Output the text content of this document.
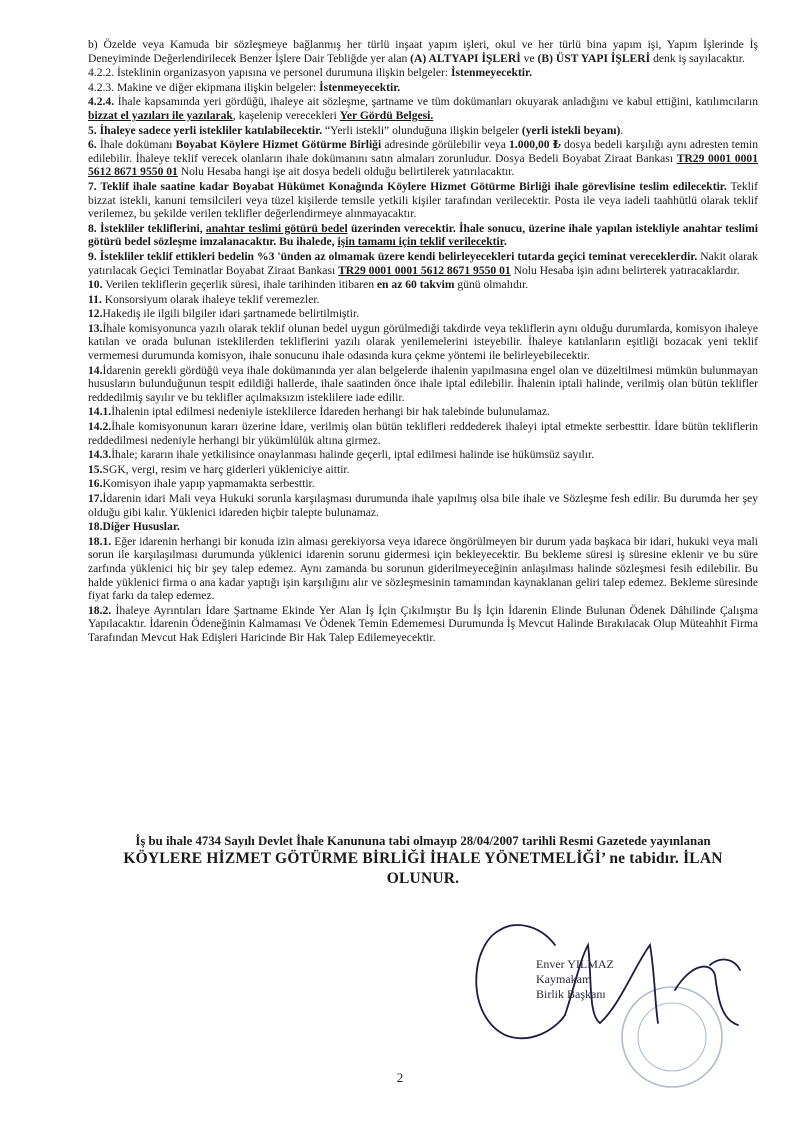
b) Özelde veya Kamuda bir sözleşmeye bağlanmış her türlü inşaat yapım işleri, okul ve her türlü bina yapım işi, Yapım İşlerinde İş Deneyiminde Değerlendirilecek Benzer İşlere Dair Tebliğde yer alan (A) ALTYAPI İŞLERİ ve (B) ÜST YAPI İŞLERİ denk iş sayılacaktır.

4.2.2. İsteklinin organizasyon yapısına ve personel durumuna ilişkin belgeler: İstenmeyecektir.

4.2.3. Makine ve diğer ekipmana ilişkin belgeler: İstenmeyecektir.

4.2.4. İhale kapsamında yeri gördüğü, ihaleye ait sözleşme, şartname ve tüm dokümanları okuyarak anladığını ve kabul ettiğini, katılımcıların bizzat el yazıları ile yazılarak, kaşelenip verecekleri Yer Gördü Belgesi.

5. İhaleye sadece yerli istekliler katılabilecektir. “Yerli istekli” olunduğuna ilişkin belgeler (yerli istekli beyanı).

6. İhale dokümanı Boyabat Köylere Hizmet Götürme Birliği adresinde görülebilir veya 1.000,00 ₺ dosya bedeli karşılığı aynı adresten temin edilebilir. İhaleye teklif verecek olanların ihale dokümanını satın almaları zorunludur. Dosya Bedeli Boyabat Ziraat Bankası TR29 0001 0001 5612 8671 9550 01 Nolu Hesaba hangi işe ait dosya bedeli olduğu belirtilerek yatırılacaktır.

7. Teklif ihale saatine kadar Boyabat Hükümet Konağında Köylere Hizmet Götürme Birliği ihale görevlisine teslim edilecektir. Teklif bizzat istekli, kanuni temsilcileri veya tüzel kişilerde temsile yetkili kişiler tarafından verilecektir. Posta ile veya iadeli taahhütlü olarak teklif verilemez, bu şekilde verilen teklifler değerlendirmeye alınmayacaktır.

8. İstekliler tekliflerini, anahtar teslimi götürü bedel üzerinden verecektir. İhale sonucu, üzerine ihale yapılan istekliyle anahtar teslimi götürü bedel sözleşme imzalanacaktır. Bu ihalede, işin tamamı için teklif verilecektir.

9. İstekliler teklif ettikleri bedelin %3 'ünden az olmamak üzere kendi belirleyecekleri tutarda geçici teminat vereceklerdir. Nakit olarak yatırılacak Geçici Teminatlar Boyabat Ziraat Bankası TR29 0001 0001 5612 8671 9550 01 Nolu Hesaba işin adını belirterek yatıracaklardır.

10. Verilen tekliflerin geçerlik süresi, ihale tarihinden itibaren en az 60 takvim günü olmalıdır.

11. Konsorsiyum olarak ihaleye teklif veremezler.

12.Hakediş ile ilgili bilgiler idari şartnamede belirtilmiştir.

13.İhale komisyonunca yazılı olarak teklif olunan bedel uygun görülmediği takdirde veya tekliflerin aynı olduğu durumlarda, komisyon ihaleye katılan ve orada bulunan isteklilerden tekliflerini yazılı olarak yenilemelerini isteyebilir. İhaleye katılanların eşitliği bozacak yeni teklif vermemesi durumunda komisyon, ihale sonucunu ihale odasında kura çekme yöntemi ile belirleyebilecektir.

14.İdarenin gerekli gördüğü veya ihale dokümanında yer alan belgelerde ihalenin yapılmasına engel olan ve düzeltilmesi mümkün bulunmayan hususların bulunduğunun tespit edildiği hallerde, ihale saatinden önce ihale iptal edilebilir. İhalenin iptali halinde, verilmiş olan bütün teklifler reddedilmiş sayılır ve bu teklifler açılmaksızın isteklilere iade edilir.

14.1.İhalenin iptal edilmesi nedeniyle isteklilerce İdareden herhangi bir hak talebinde bulunulamaz.

14.2.İhale komisyonunun kararı üzerine İdare, verilmiş olan bütün teklifleri reddederek ihaleyi iptal etmekte serbesttir. İdare bütün tekliflerin reddedilmesi nedeniyle herhangi bir yükümlülük altına girmez.

14.3.İhale; kararın ihale yetkilisince onaylanması halinde geçerli, iptal edilmesi halinde ise hükümsüz sayılır.

15.SGK, vergi, resim ve harç giderleri yükleniciye aittir.

16.Komisyon ihale yapıp yapmamakta serbesttir.

17.İdarenin idari Mali veya Hukuki sorunla karşılaşması durumunda ihale yapılmış olsa bile ihale ve Sözleşme fesh edilir. Bu durumda her şey olduğu gibi kalır. Yüklenici idareden hiçbir talepte bulunamaz.

18.Diğer Hususlar.

18.1. Eğer idarenin herhangi bir konuda izin alması gerekiyorsa veya idarece öngörülmeyen bir durum yada başkaca bir idari, hukuki veya mali sorun ile karşılaşılması durumunda yüklenici idarenin sorunu gidermesi için bekleyecektir. Bu bekleme süresi iş süresine eklenir ve bu süre zarfında yüklenici hiç bir şey talep edemez. Aynı zamanda bu sorunun giderilmeyeceğinin anlaşılması halinde sözleşmesi fesih edilebilir. Bu halde yüklenici firma o ana kadar yaptığı işin karşılığını alır ve sözleşmesinin tamamından kaynaklanan geliri talep edemez. Bekleme süresinde fiyat farkı da talep edemez.

18.2. İhaleye Ayrıntıları İdare Şartname Ekinde Yer Alan İş İçin Çıkılmıştır Bu İş İçin İdarenin Elinde Bulunan Ödenek Dâhilinde Çalışma Yapılacaktır. İdarenin Ödeneğinin Kalmaması Ve Ödenek Temin Edememesi Durumunda İş Mevcut Halinde Bırakılacak Olup Müteahhit Firma Tarafından Mevcut Hak Edişleri Haricinde Bir Hak Talep Edilemeyecektir.

İş bu ihale 4734 Sayılı Devlet İhale Kanununa tabi olmayıp 28/04/2007 tarihli Resmi Gazetede yayınlanan
KÖYLERE HİZMET GÖTÜRME BİRLİĞİ İHALE YÖNETMELİĞİ’ ne tabidır. İLAN OLUNUR.
Enver YILMAZ
Kaymakam
Birlik Başkanı
2
